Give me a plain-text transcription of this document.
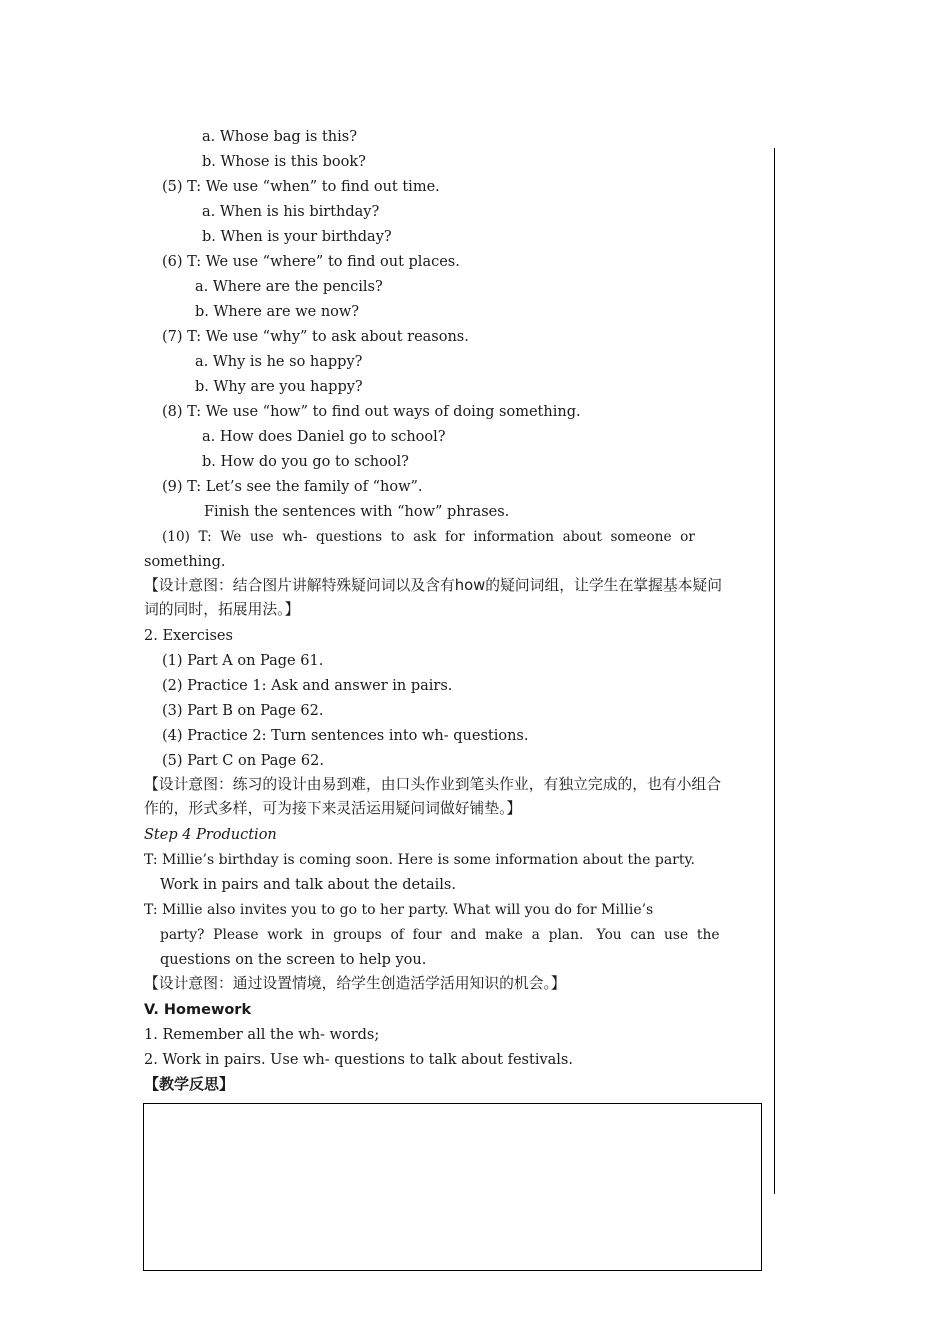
a. Whose bag is this?
b. Whose is this book?
(5) T: We use “when” to find out time.
a. When is his birthday?
b. When is your birthday?
(6) T: We use “where” to find out places.
a. Where are the pencils?
b. Where are we now?
(7) T: We use “why” to ask about reasons.
a. Why is he so happy?
b. Why are you happy?
(8) T: We use “how” to find out ways of doing something.
a. How does Daniel go to school?
b. How do you go to school?
(9) T: Let’s see the family of “how”.
Finish the sentences with “how” phrases.
(10)  T:  We  use  wh-  questions  to  ask  for  information  about  someone  or
something.
【设计意图：结合图片讲解特殊疑问词以及含有how的疑问词组，让学生在掌握基本疑问
词的同时，拓展用法。】
2. Exercises
(1) Part A on Page 61.
(2) Practice 1: Ask and answer in pairs.
(3) Part B on Page 62.
(4) Practice 2: Turn sentences into wh- questions.
(5) Part C on Page 62.
【设计意图：练习的设计由易到难，由口头作业到笔头作业，有独立完成的，也有小组合
作的，形式多样，可为接下来灵活运用疑问词做好铺垫。】
Step 4 Production
T: Millie’s birthday is coming soon. Here is some information about the party.
Work in pairs and talk about the details.
T: Millie also invites you to go to her party. What will you do for Millie’s
party?  Please  work  in  groups  of  four  and  make  a  plan.   You  can  use  the
questions on the screen to help you.
【设计意图：通过设置情境，给学生创造活学活用知识的机会。】
V. Homework
1. Remember all the wh- words;
2. Work in pairs. Use wh- questions to talk about festivals.
【教学反思】
